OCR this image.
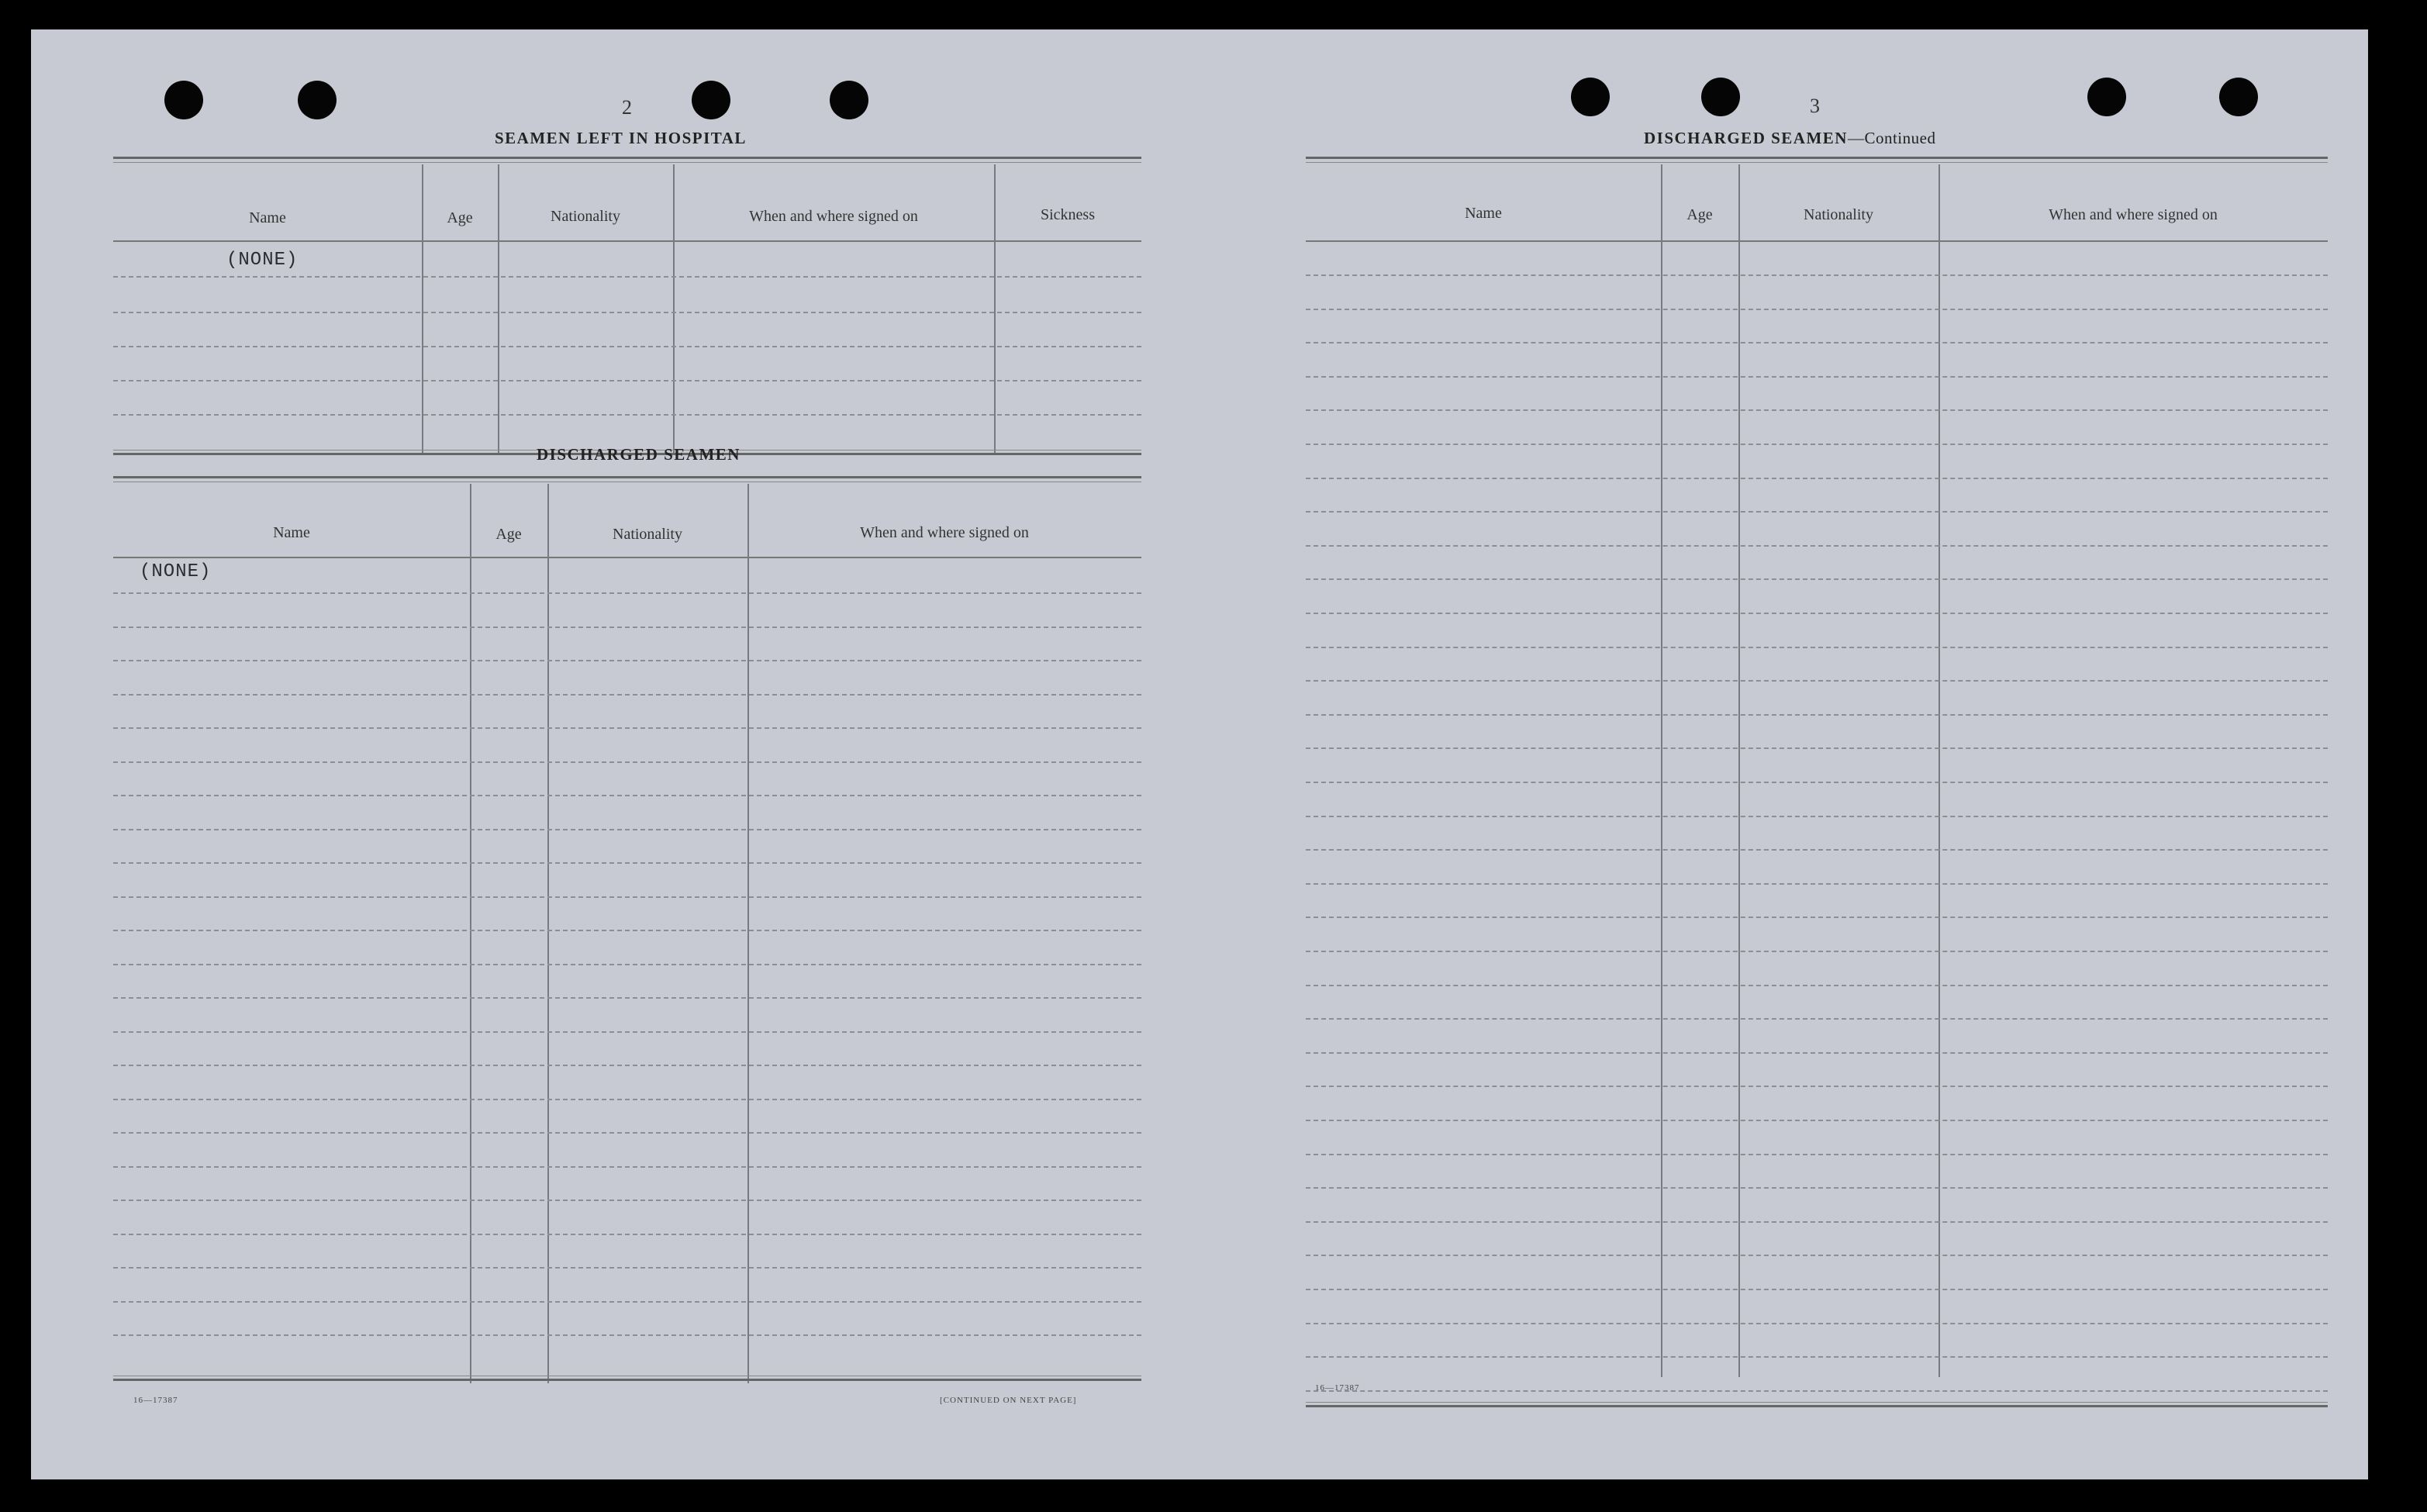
2
SEAMEN LEFT IN HOSPITAL
Name	Age	Nationality	When and where signed on	Sickness
(NONE)
DISCHARGED SEAMEN
Name	Age	Nationality	When and where signed on
(NONE)
16—17387	[CONTINUED ON NEXT PAGE]
3
DISCHARGED SEAMEN—Continued
Name	Age	Nationality	When and where signed on
16—17387
